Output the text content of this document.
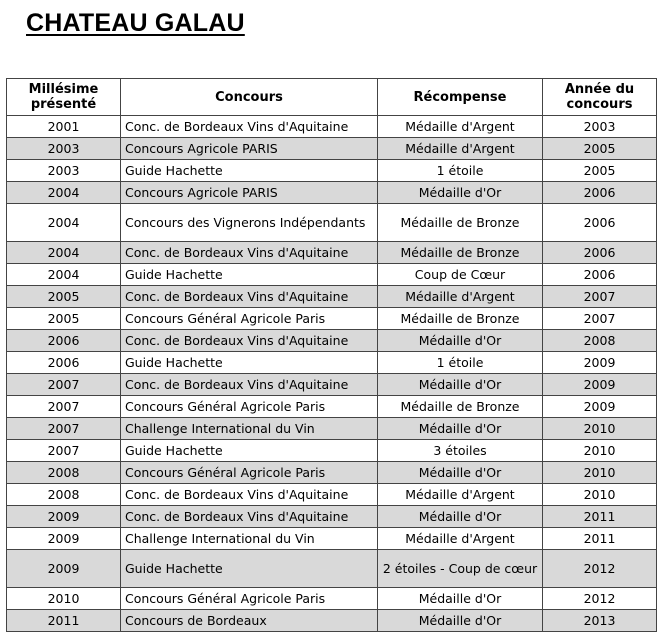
CHATEAU GALAU
Millésime présenté	Concours	Récompense	Année du concours
2001	Conc. de Bordeaux Vins d'Aquitaine	Médaille d'Argent	2003
2003	Concours Agricole PARIS	Médaille d'Argent	2005
2003	Guide Hachette	1 étoile	2005
2004	Concours Agricole PARIS	Médaille d'Or	2006
2004	Concours des Vignerons Indépendants	Médaille de Bronze	2006
2004	Conc. de Bordeaux Vins d'Aquitaine	Médaille de Bronze	2006
2004	Guide Hachette	Coup de Cœur	2006
2005	Conc. de Bordeaux Vins d'Aquitaine	Médaille d'Argent	2007
2005	Concours Général Agricole Paris	Médaille de Bronze	2007
2006	Conc. de Bordeaux Vins d'Aquitaine	Médaille d'Or	2008
2006	Guide Hachette	1 étoile	2009
2007	Conc. de Bordeaux Vins d'Aquitaine	Médaille d'Or	2009
2007	Concours Général Agricole Paris	Médaille de Bronze	2009
2007	Challenge International du Vin	Médaille d'Or	2010
2007	Guide Hachette	3 étoiles	2010
2008	Concours Général Agricole Paris	Médaille d'Or	2010
2008	Conc. de Bordeaux Vins d'Aquitaine	Médaille d'Argent	2010
2009	Conc. de Bordeaux Vins d'Aquitaine	Médaille d'Or	2011
2009	Challenge International du Vin	Médaille d'Argent	2011
2009	Guide Hachette	2 étoiles - Coup de cœur	2012
2010	Concours Général Agricole Paris	Médaille d'Or	2012
2011	Concours de Bordeaux	Médaille d'Or	2013
